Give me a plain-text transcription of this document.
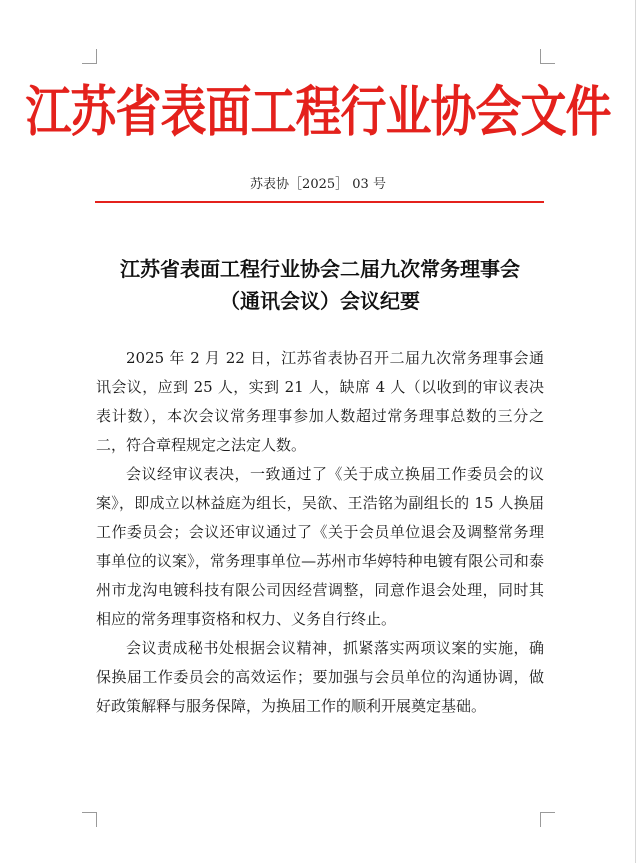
江苏省表面工程行业协会文件
苏表协［2025］ 03 号
江苏省表面工程行业协会二届九次常务理事会
（通讯会议）会议纪要

2025 年 2 月 22 日，江苏省表协召开二届九次常务理事会通讯会议，应到 25 人，实到 21 人，缺席 4 人（以收到的审议表决表计数），本次会议常务理事参加人数超过常务理事总数的三分之二，符合章程规定之法定人数。

会议经审议表决，一致通过了《关于成立换届工作委员会的议案》，即成立以林益庭为组长，吴欲、王浩铭为副组长的 15 人换届工作委员会；会议还审议通过了《关于会员单位退会及调整常务理事单位的议案》，常务理事单位—苏州市华婷特种电镀有限公司和泰州市龙沟电镀科技有限公司因经营调整，同意作退会处理，同时其相应的常务理事资格和权力、义务自行终止。

会议责成秘书处根据会议精神，抓紧落实两项议案的实施，确保换届工作委员会的高效运作；要加强与会员单位的沟通协调，做好政策解释与服务保障，为换届工作的顺利开展奠定基础。
